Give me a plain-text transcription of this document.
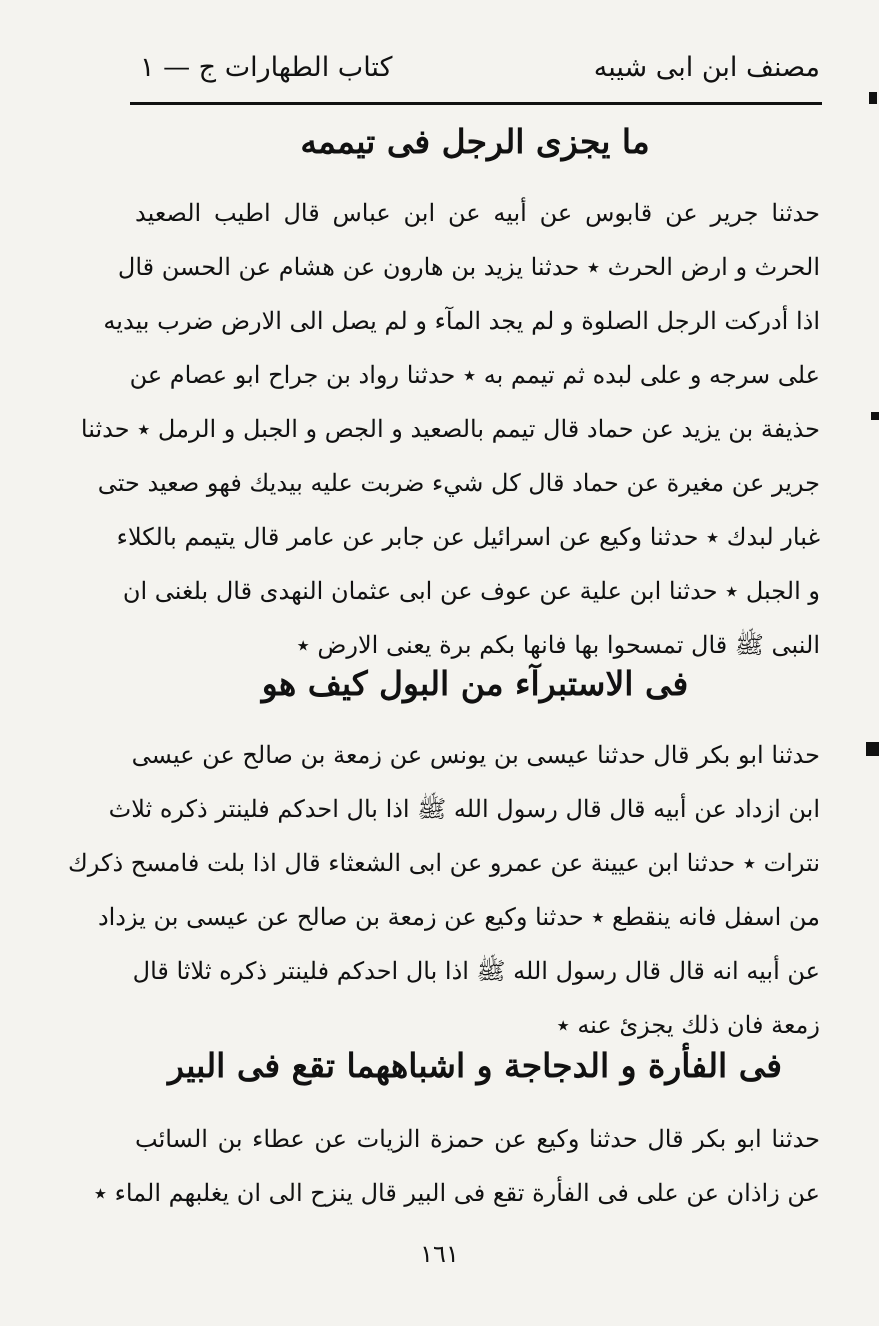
مصنف ابن ابى شيبه
كتاب الطهارات ج — ١
ما يجزى الرجل فى تيممه
حدثنا جرير عن قابوس عن أبيه عن ابن عباس قال اطيب الصعيد
الحرث و ارض الحرث ٭ حدثنا يزيد بن هارون عن هشام عن الحسن قال
اذا أدركت الرجل الصلوة و لم يجد المآء و لم يصل الى الارض ضرب بيديه
على سرجه و على لبده ثم تيمم به ٭ حدثنا رواد بن جراح ابو عصام عن
حذيفة بن يزيد عن حماد قال تيمم بالصعيد و الجص و الجبل و الرمل ٭ حدثنا
جرير عن مغيرة عن حماد قال كل شيء ضربت عليه بيديك فهو صعيد حتى
غبار لبدك ٭ حدثنا وكيع عن اسرائيل عن جابر عن عامر قال يتيمم بالكلاء
و الجبل ٭ حدثنا ابن علية عن عوف عن ابى عثمان النهدى قال بلغنى ان
النبى ﷺ قال تمسحوا بها فانها بكم برة يعنى الارض ٭
فى الاستبرآء من البول كيف هو
حدثنا ابو بكر قال حدثنا عيسى بن يونس عن زمعة بن صالح عن عيسى
ابن ازداد عن أبيه قال قال رسول الله ﷺ اذا بال احدكم فلينتر ذكره ثلاث
نترات ٭ حدثنا ابن عيينة عن عمرو عن ابى الشعثاء قال اذا بلت فامسح ذكرك
من اسفل فانه ينقطع ٭ حدثنا وكيع عن زمعة بن صالح عن عيسى بن يزداد
عن أبيه انه قال قال رسول الله ﷺ اذا بال احدكم فلينتر ذكره ثلاثا قال
زمعة فان ذلك يجزئ عنه ٭
فى الفأرة و الدجاجة و اشباههما تقع فى البير
حدثنا ابو بكر قال حدثنا وكيع عن حمزة الزيات عن عطاء بن السائب
عن زاذان عن على فى الفأرة تقع فى البير قال ينزح الى ان يغلبهم الماء ٭
١٦١
